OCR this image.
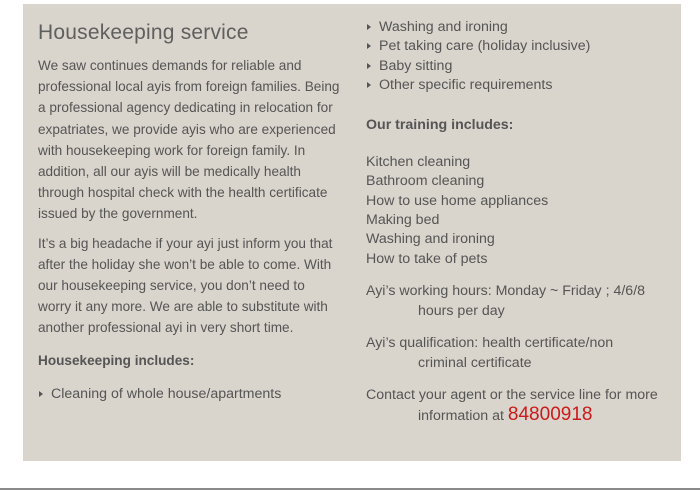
Housekeeping service

We saw continues demands for reliable and professional local ayis from foreign families. Being a professional agency dedicating in relocation for expatriates, we provide ayis who are experienced with housekeeping work for foreign family. In addition, all our ayis will be medically health through hospital check with the health certificate issued by the government.

It’s a big headache if your ayi just inform you that after the holiday she won’t be able to come. With our housekeeping service, you don’t need to worry it any more. We are able to substitute with another professional ayi in very short time.

Housekeeping includes:
Cleaning of whole house/apartments
Washing and ironing
Pet taking care (holiday inclusive)
Baby sitting
Other specific requirements
Our training includes:
Kitchen cleaning
Bathroom cleaning
How to use home appliances
Making bed
Washing and ironing
How to take of pets
Ayi’s working hours: Monday ~ Friday ; 4/6/8
hours per day
Ayi’s qualification: health certificate/non
criminal certificate
Contact your agent or the service line for more
information at 84800918
